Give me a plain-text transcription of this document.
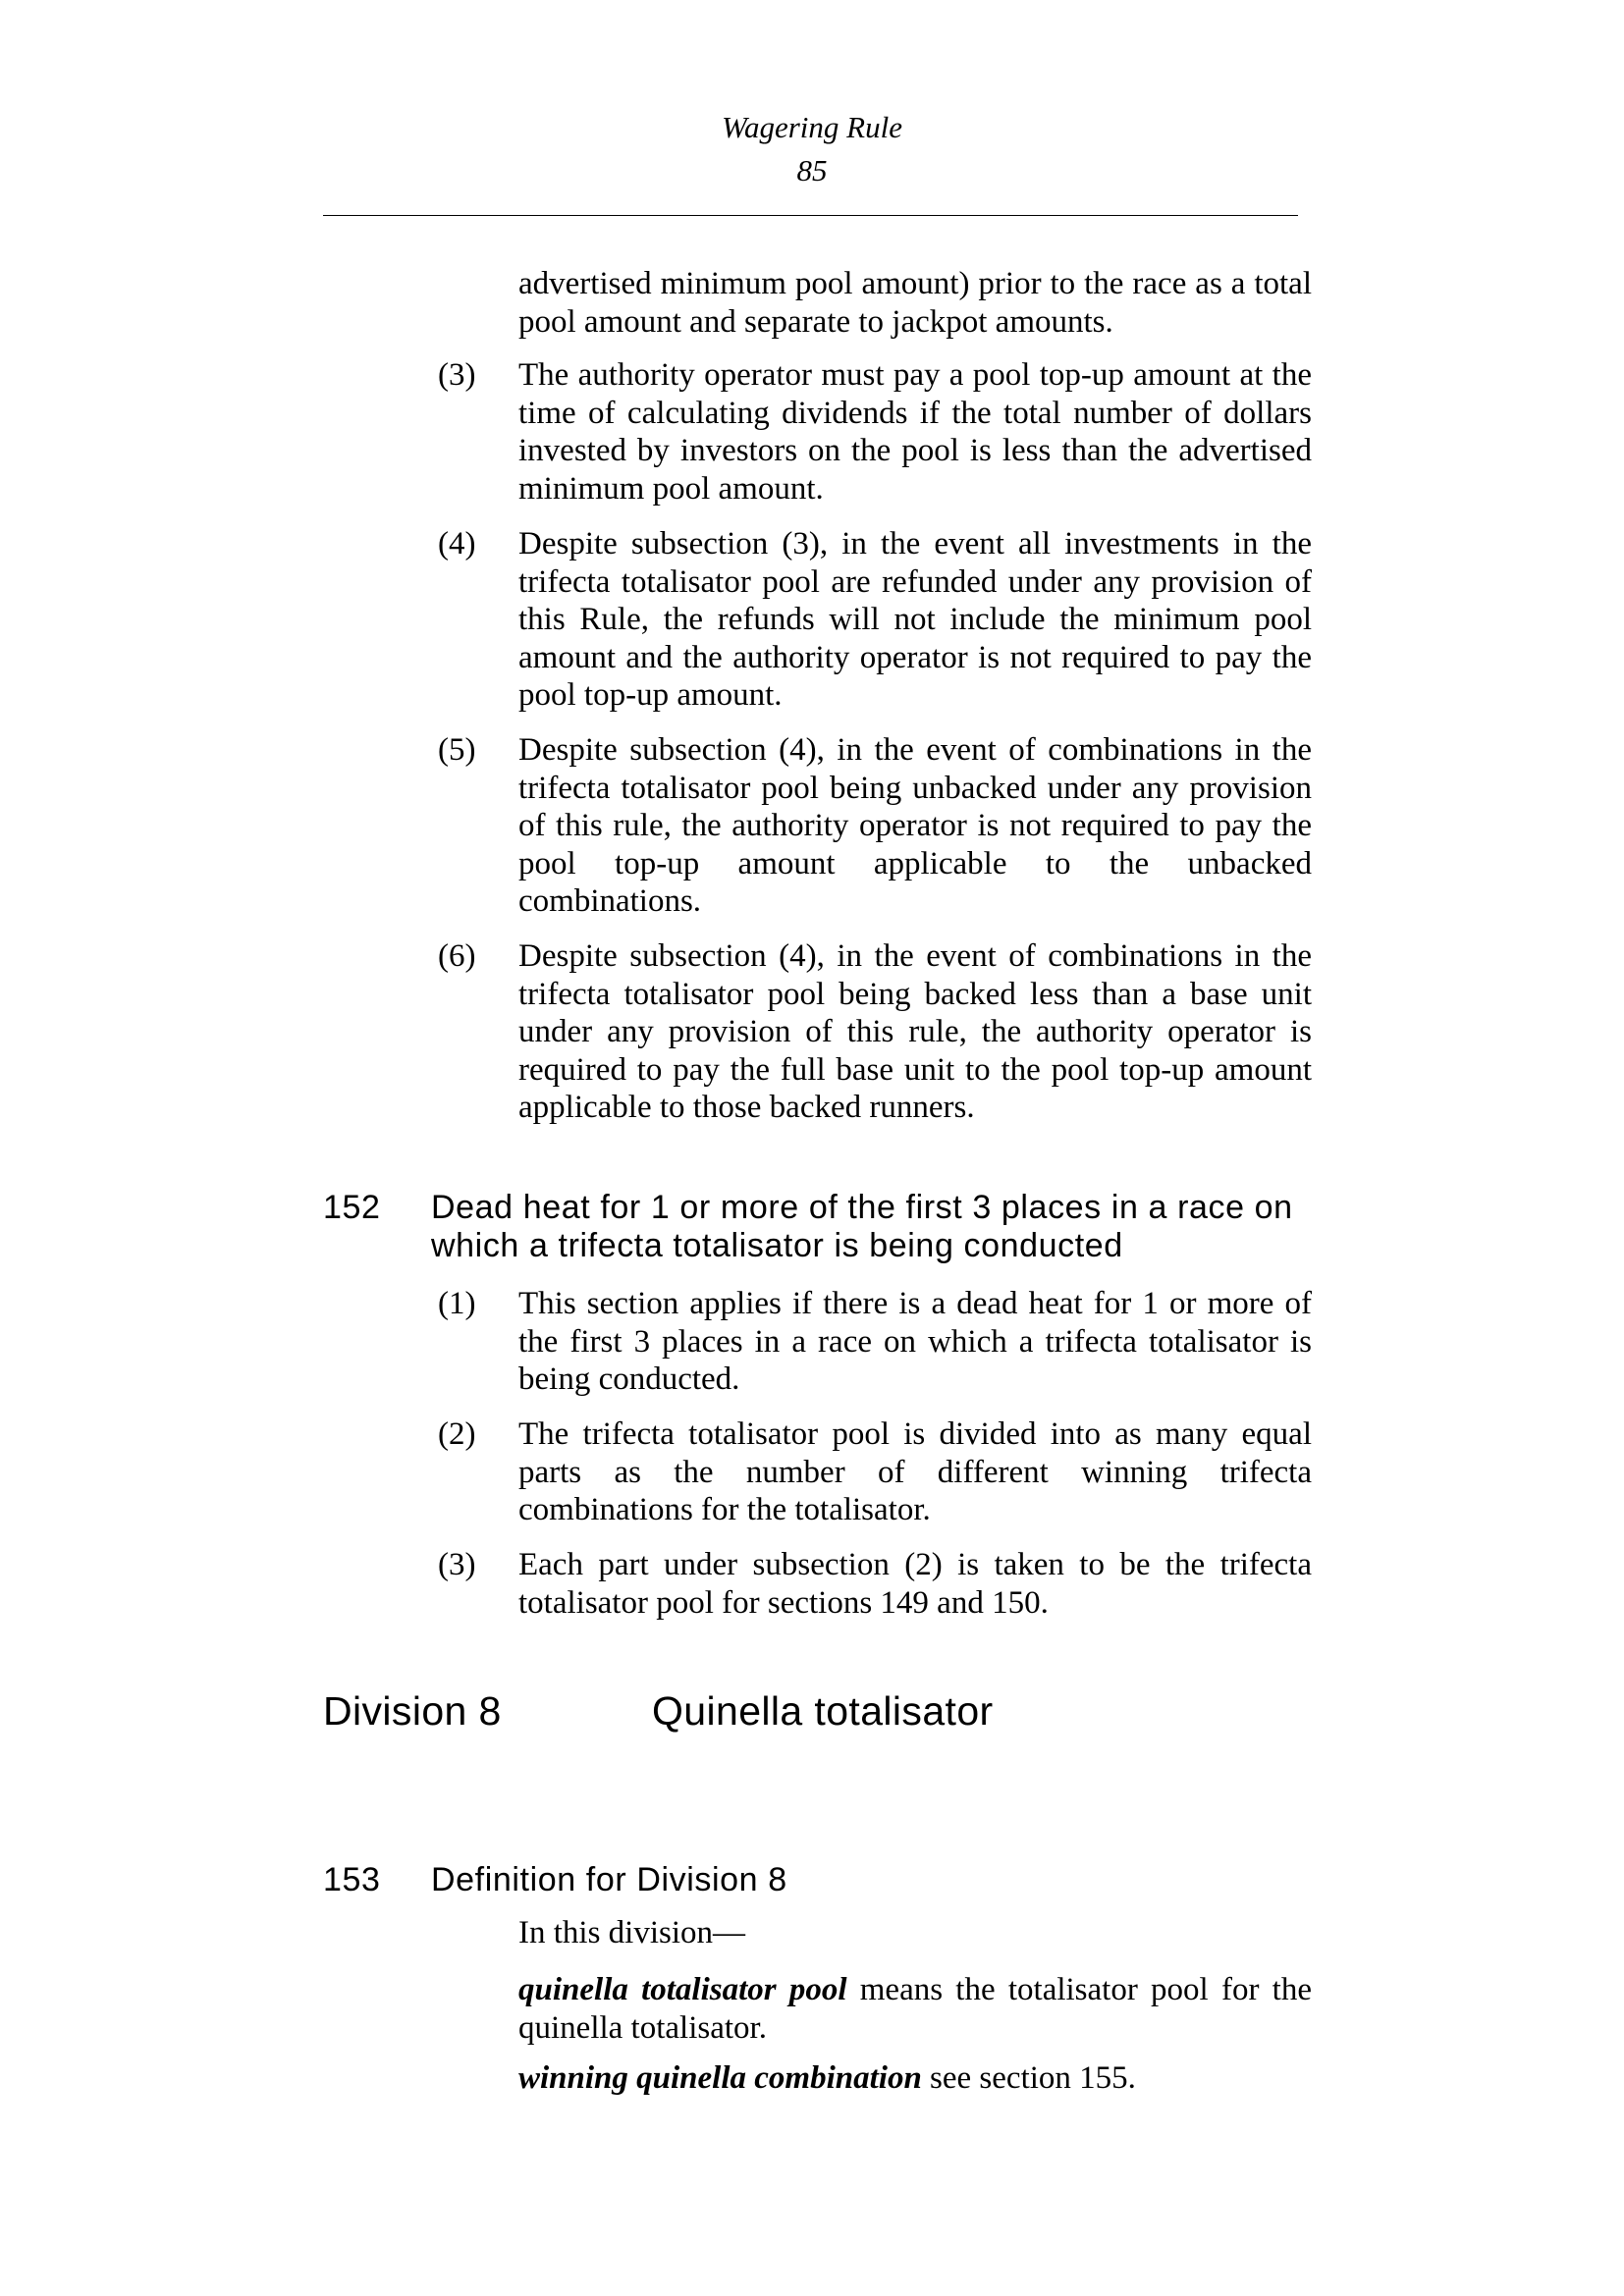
Wagering Rule
85

advertised minimum pool amount) prior to the race as a total pool amount and separate to jackpot amounts.

(3) The authority operator must pay a pool top-up amount at the time of calculating dividends if the total number of dollars invested by investors on the pool is less than the advertised minimum pool amount.

(4) Despite subsection (3), in the event all investments in the trifecta totalisator pool are refunded under any provision of this Rule, the refunds will not include the minimum pool amount and the authority operator is not required to pay the pool top-up amount.

(5) Despite subsection (4), in the event of combinations in the trifecta totalisator pool being unbacked under any provision of this rule, the authority operator is not required to pay the pool top-up amount applicable to the unbacked combinations.

(6) Despite subsection (4), in the event of combinations in the trifecta totalisator pool being backed less than a base unit under any provision of this rule, the authority operator is required to pay the full base unit to the pool top-up amount applicable to those backed runners.

152 Dead heat for 1 or more of the first 3 places in a race on which a trifecta totalisator is being conducted
(1) This section applies if there is a dead heat for 1 or more of the first 3 places in a race on which a trifecta totalisator is being conducted.

(2) The trifecta totalisator pool is divided into as many equal parts as the number of different winning trifecta combinations for the totalisator.

(3) Each part under subsection (2) is taken to be the trifecta totalisator pool for sections 149 and 150.

Division 8	Quinella totalisator
153 Definition for Division 8

In this division—

quinella totalisator pool means the totalisator pool for the quinella totalisator.

winning quinella combination see section 155.
